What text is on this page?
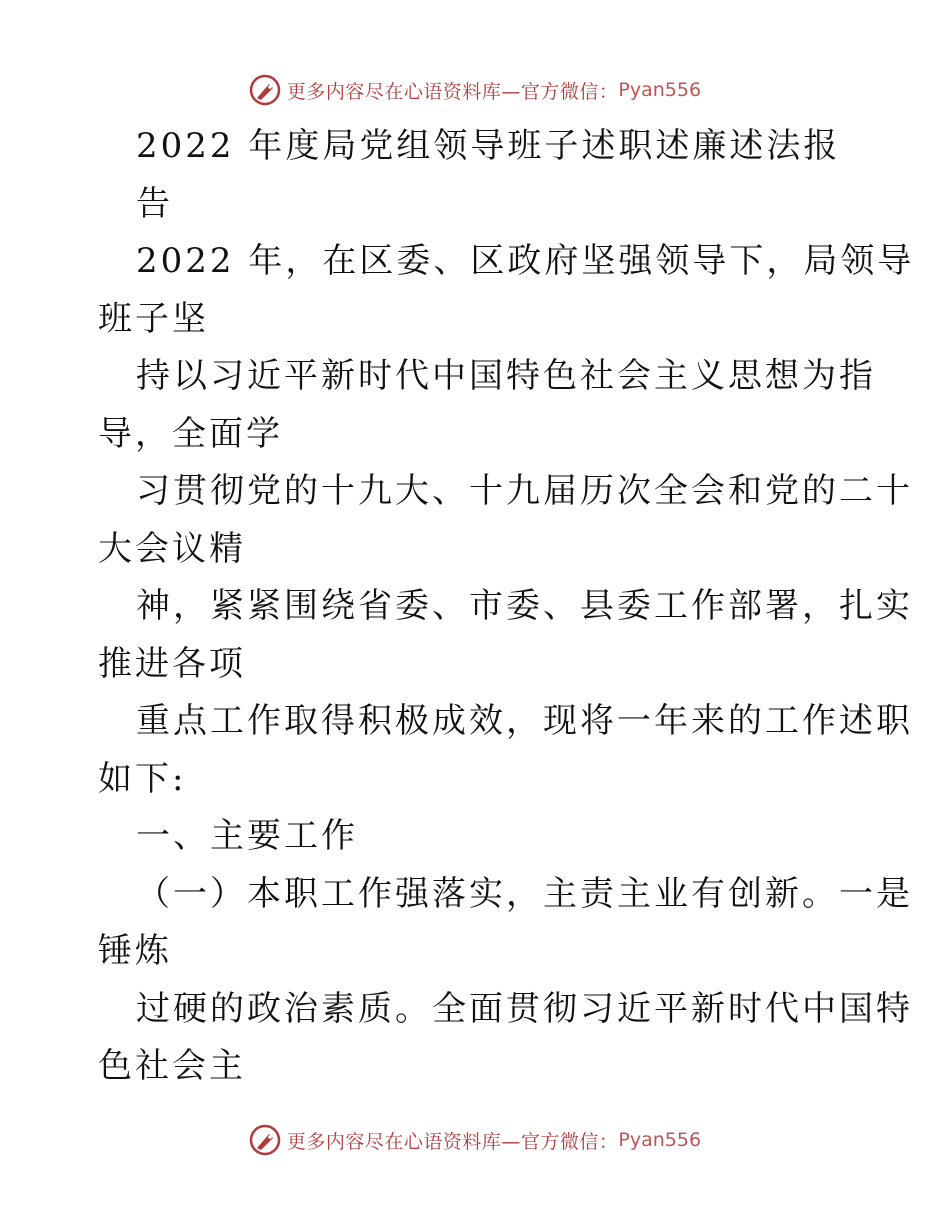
更多内容尽在心语资料库—官方微信： Pyan556
2022 年度局党组领导班子述职述廉述法报
告
2022 年，在区委、区政府坚强领导下，局领导
班子坚
持以习近平新时代中国特色社会主义思想为指
导，全面学
习贯彻党的十九大、十九届历次全会和党的二十
大会议精
神，紧紧围绕省委、市委、县委工作部署，扎实
推进各项
重点工作取得积极成效，现将一年来的工作述职
如下:
一、主要工作
（一）本职工作强落实，主责主业有创新。一是
锤炼
过硬的政治素质。全面贯彻习近平新时代中国特
色社会主
更多内容尽在心语资料库—官方微信： Pyan556
